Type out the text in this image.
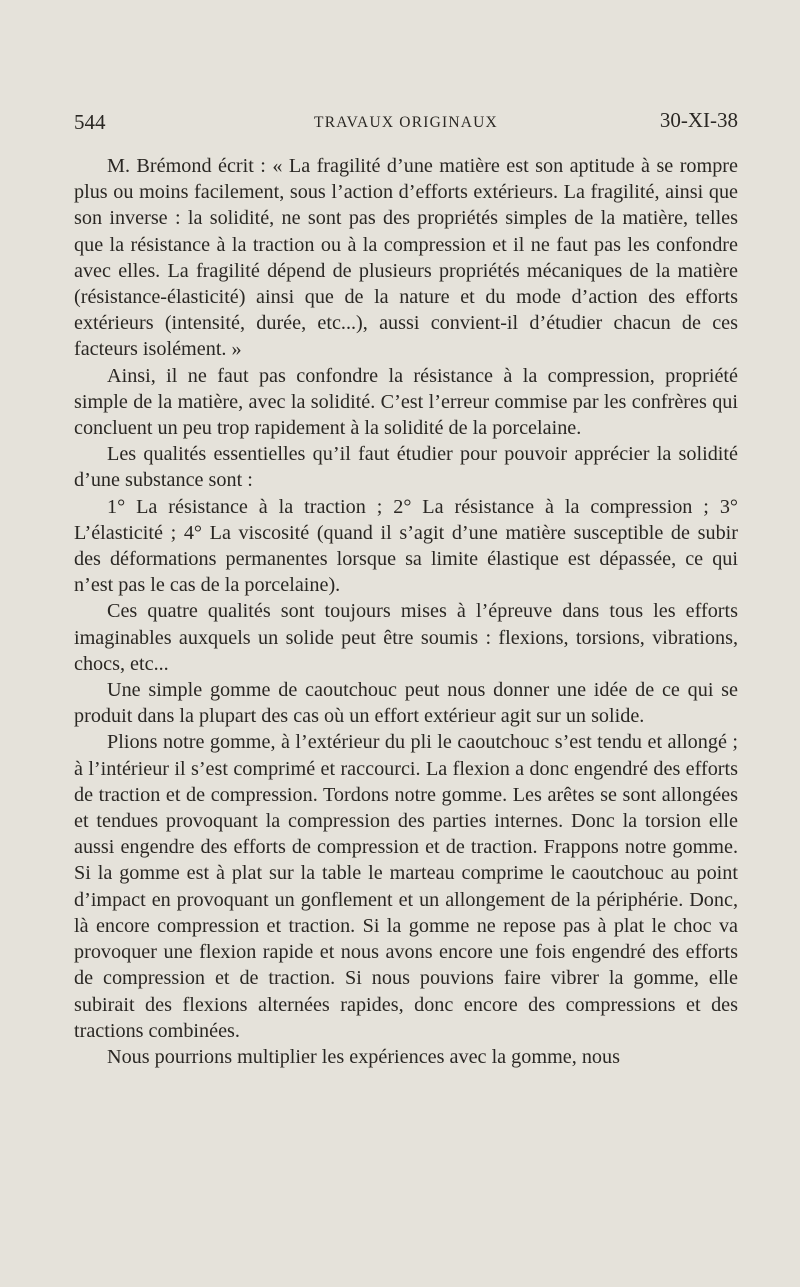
544	TRAVAUX ORIGINAUX	30-XI-38

M. Brémond écrit : « La fragilité d’une matière est son aptitude à se rompre plus ou moins facilement, sous l’action d’efforts extérieurs. La fragilité, ainsi que son inverse : la solidité, ne sont pas des propriétés simples de la matière, telles que la résistance à la traction ou à la compression et il ne faut pas les confondre avec elles. La fragilité dépend de plusieurs propriétés mécaniques de la matière (résistance-élasticité) ainsi que de la nature et du mode d’action des efforts extérieurs (intensité, durée, etc...), aussi convient-il d’étudier chacun de ces facteurs isolément. »

Ainsi, il ne faut pas confondre la résistance à la compression, propriété simple de la matière, avec la solidité. C’est l’erreur commise par les confrères qui concluent un peu trop rapidement à la solidité de la porcelaine.

Les qualités essentielles qu’il faut étudier pour pouvoir apprécier la solidité d’une substance sont :

1° La résistance à la traction ; 2° La résistance à la compression ; 3° L’élasticité ; 4° La viscosité (quand il s’agit d’une matière susceptible de subir des déformations permanentes lorsque sa limite élastique est dépassée, ce qui n’est pas le cas de la porcelaine).

Ces quatre qualités sont toujours mises à l’épreuve dans tous les efforts imaginables auxquels un solide peut être soumis : flexions, torsions, vibrations, chocs, etc...

Une simple gomme de caoutchouc peut nous donner une idée de ce qui se produit dans la plupart des cas où un effort extérieur agit sur un solide.

Plions notre gomme, à l’extérieur du pli le caoutchouc s’est tendu et allongé ; à l’intérieur il s’est comprimé et raccourci. La flexion a donc engendré des efforts de traction et de compression. Tordons notre gomme. Les arêtes se sont allongées et tendues provoquant la compression des parties internes. Donc la torsion elle aussi engendre des efforts de compression et de traction. Frappons notre gomme. Si la gomme est à plat sur la table le marteau comprime le caoutchouc au point d’impact en provoquant un gonflement et un allongement de la périphérie. Donc, là encore compression et traction. Si la gomme ne repose pas à plat le choc va provoquer une flexion rapide et nous avons encore une fois engendré des efforts de compression et de traction. Si nous pouvions faire vibrer la gomme, elle subirait des flexions alternées rapides, donc encore des compressions et des tractions combinées.

Nous pourrions multiplier les expériences avec la gomme, nous
